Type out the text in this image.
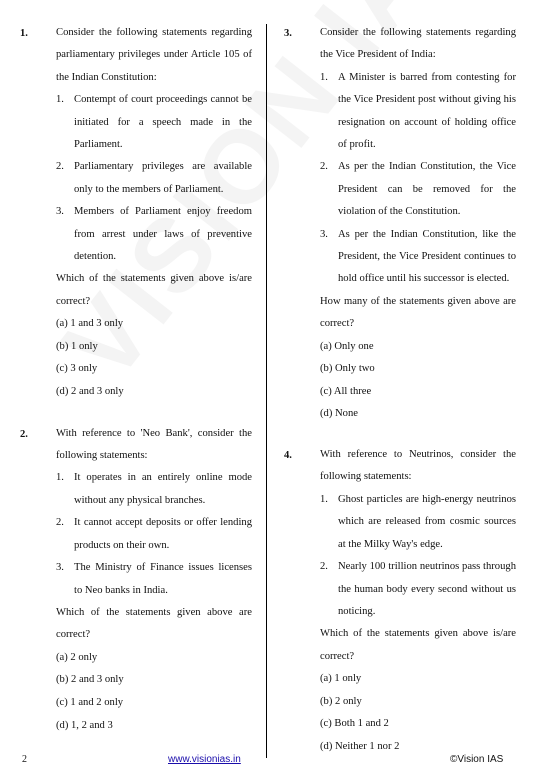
1.	Consider the following statements regarding parliamentary privileges under Article 105 of the Indian Constitution:
1. Contempt of court proceedings cannot be initiated for a speech made in the Parliament.
2. Parliamentary privileges are available only to the members of Parliament.
3. Members of Parliament enjoy freedom from arrest under laws of preventive detention.
Which of the statements given above is/are correct?
(a) 1 and 3 only
(b) 1 only
(c) 3 only
(d) 2 and 3 only
2.	With reference to 'Neo Bank', consider the following statements:
1. It operates in an entirely online mode without any physical branches.
2. It cannot accept deposits or offer lending products on their own.
3. The Ministry of Finance issues licenses to Neo banks in India.
Which of the statements given above are correct?
(a) 2 only
(b) 2 and 3 only
(c) 1 and 2 only
(d) 1, 2 and 3
3.	Consider the following statements regarding the Vice President of India:
1. A Minister is barred from contesting for the Vice President post without giving his resignation on account of holding office of profit.
2. As per the Indian Constitution, the Vice President can be removed for the violation of the Constitution.
3. As per the Indian Constitution, like the President, the Vice President continues to hold office until his successor is elected.
How many of the statements given above are correct?
(a) Only one
(b) Only two
(c) All three
(d) None
4.	With reference to Neutrinos, consider the following statements:
1. Ghost particles are high-energy neutrinos which are released from cosmic sources at the Milky Way's edge.
2. Nearly 100 trillion neutrinos pass through the human body every second without us noticing.
Which of the statements given above is/are correct?
(a) 1 only
(b) 2 only
(c) Both 1 and 2
(d) Neither 1 nor 2
2	www.visionias.in	©Vision IAS
